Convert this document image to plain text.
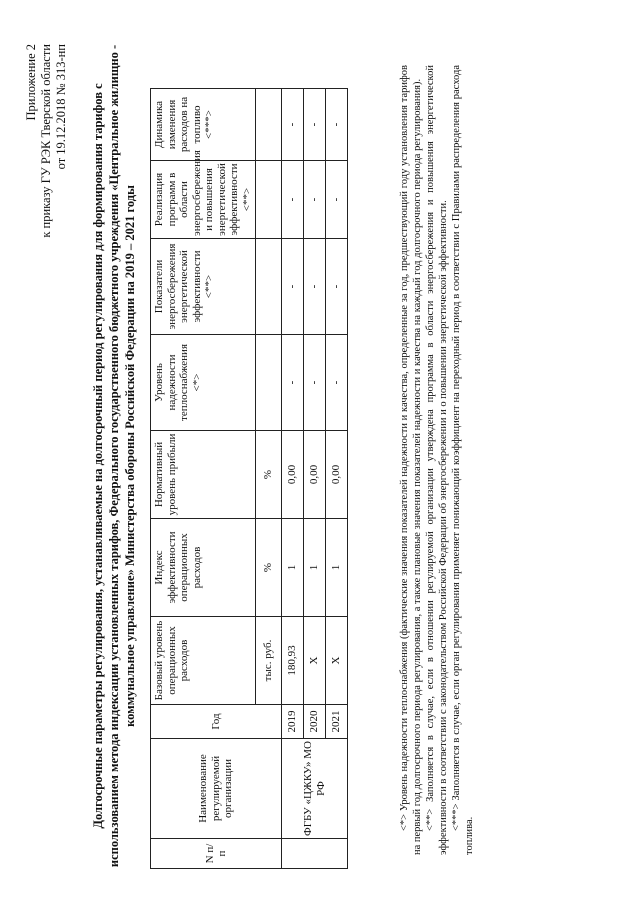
Приложение 2 к приказу ГУ РЭК Тверской области от 19.12.2018 № 313-нп Долгосрочные параметры регулирования, устанавливаемые на долгосрочный период регулирования для формирования тарифов с использованием метода индексации установленных тарифов, Федерального государственного бюджетного учреждения «Центральное жилищно - коммунальное управление» Министерства обороны Российской Федерации на 2019 – 2021 годы
N п/п	Наименование регулируемой организации	Год	Базовый уровень операционных расходов	Индекс эффективности операционных расходов	Нормативный уровень прибыли	Уровень надежности теплоснабжения <*>	Показатели энергосбережения энергетической эффективности <**>	Реализация программ в области энергосбережения и повышения энергетической эффективности <**>	Динамика изменения расходов на топливо <***>
			тыс. руб.	%	%				
	ФГБУ «ЦЖКУ» МО РФ	2019	180,93	1	0,00	-	-	-	-
		2020	X	1	0,00	-	-	-	-
		2021	X	1	0,00	-	-	-	-	<*> Уровень надежности теплоснабжения (фактические значения показателей надежности и качества, определенные за год, предшествующий году установления тарифов на первый год долгосрочного периода регулирования, а также плановые значения показателей надежности и качества на каждый год долгосрочного периода регулирования). <**> Заполняется в случае, если в отношении регулируемой организации утверждена программа в области энергосбережения и повышения энергетической эффективности в соответствии с законодательством Российской Федерации об энергосбережении и о повышении энергетической эффективности. <***> Заполняется в случае, если орган регулирования применяет понижающий коэффициент на переходный период в соответствии с Правилами распределения расхода топлива.
